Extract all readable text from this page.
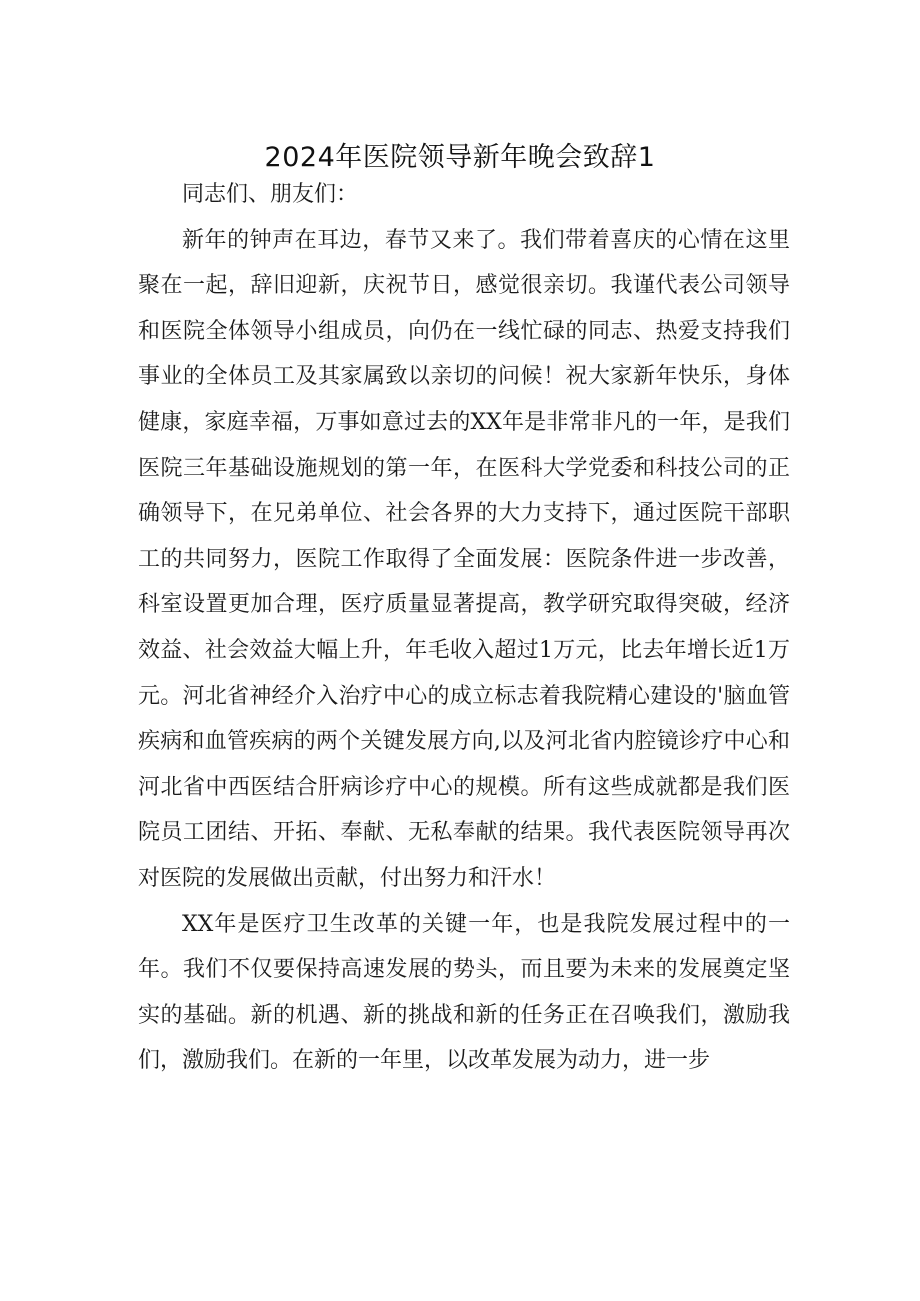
2024年医院领导新年晚会致辞1

同志们、朋友们：

新年的钟声在耳边，春节又来了。我们带着喜庆的心情在这里聚在一起，辞旧迎新，庆祝节日，感觉很亲切。我谨代表公司领导和医院全体领导小组成员，向仍在一线忙碌的同志、热爱支持我们事业的全体员工及其家属致以亲切的问候！祝大家新年快乐，身体健康，家庭幸福，万事如意过去的XX年是非常非凡的一年，是我们医院三年基础设施规划的第一年，在医科大学党委和科技公司的正确领导下，在兄弟单位、社会各界的大力支持下，通过医院干部职工的共同努力，医院工作取得了全面发展：医院条件进一步改善，科室设置更加合理，医疗质量显著提高，教学研究取得突破，经济效益、社会效益大幅上升，年毛收入超过1万元，比去年增长近1万元。河北省神经介入治疗中心的成立标志着我院精心建设的'脑血管疾病和血管疾病的两个关键发展方向,以及河北省内腔镜诊疗中心和河北省中西医结合肝病诊疗中心的规模。所有这些成就都是我们医院员工团结、开拓、奉献、无私奉献的结果。我代表医院领导再次对医院的发展做出贡献，付出努力和汗水！

XX年是医疗卫生改革的关键一年，也是我院发展过程中的一年。我们不仅要保持高速发展的势头，而且要为未来的发展奠定坚实的基础。新的机遇、新的挑战和新的任务正在召唤我们，激励我们，激励我们。在新的一年里，以改革发展为动力，进一步
